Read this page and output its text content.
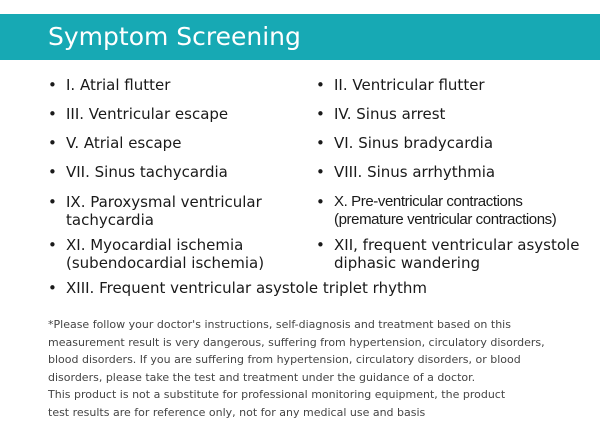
Symptom Screening
• I. Atrial flutter	• II. Ventricular flutter
• III. Ventricular escape	• IV. Sinus arrest
• V. Atrial escape	• VI. Sinus bradycardia
• VII. Sinus tachycardia	• VIII. Sinus arrhythmia
• IX. Paroxysmal ventricular
tachycardia
• X. Pre-ventricular contractions
(premature ventricular contractions)
• XI. Myocardial ischemia
(subendocardial ischemia)
• XII, frequent ventricular asystole
diphasic wandering
• XIII. Frequent ventricular asystole triplet rhythm
*Please follow your doctor's instructions, self-diagnosis and treatment based on this
measurement result is very dangerous, suffering from hypertension, circulatory disorders,
blood disorders. If you are suffering from hypertension, circulatory disorders, or blood
disorders, please take the test and treatment under the guidance of a doctor.
This product is not a substitute for professional monitoring equipment, the product
test results are for reference only, not for any medical use and basis
